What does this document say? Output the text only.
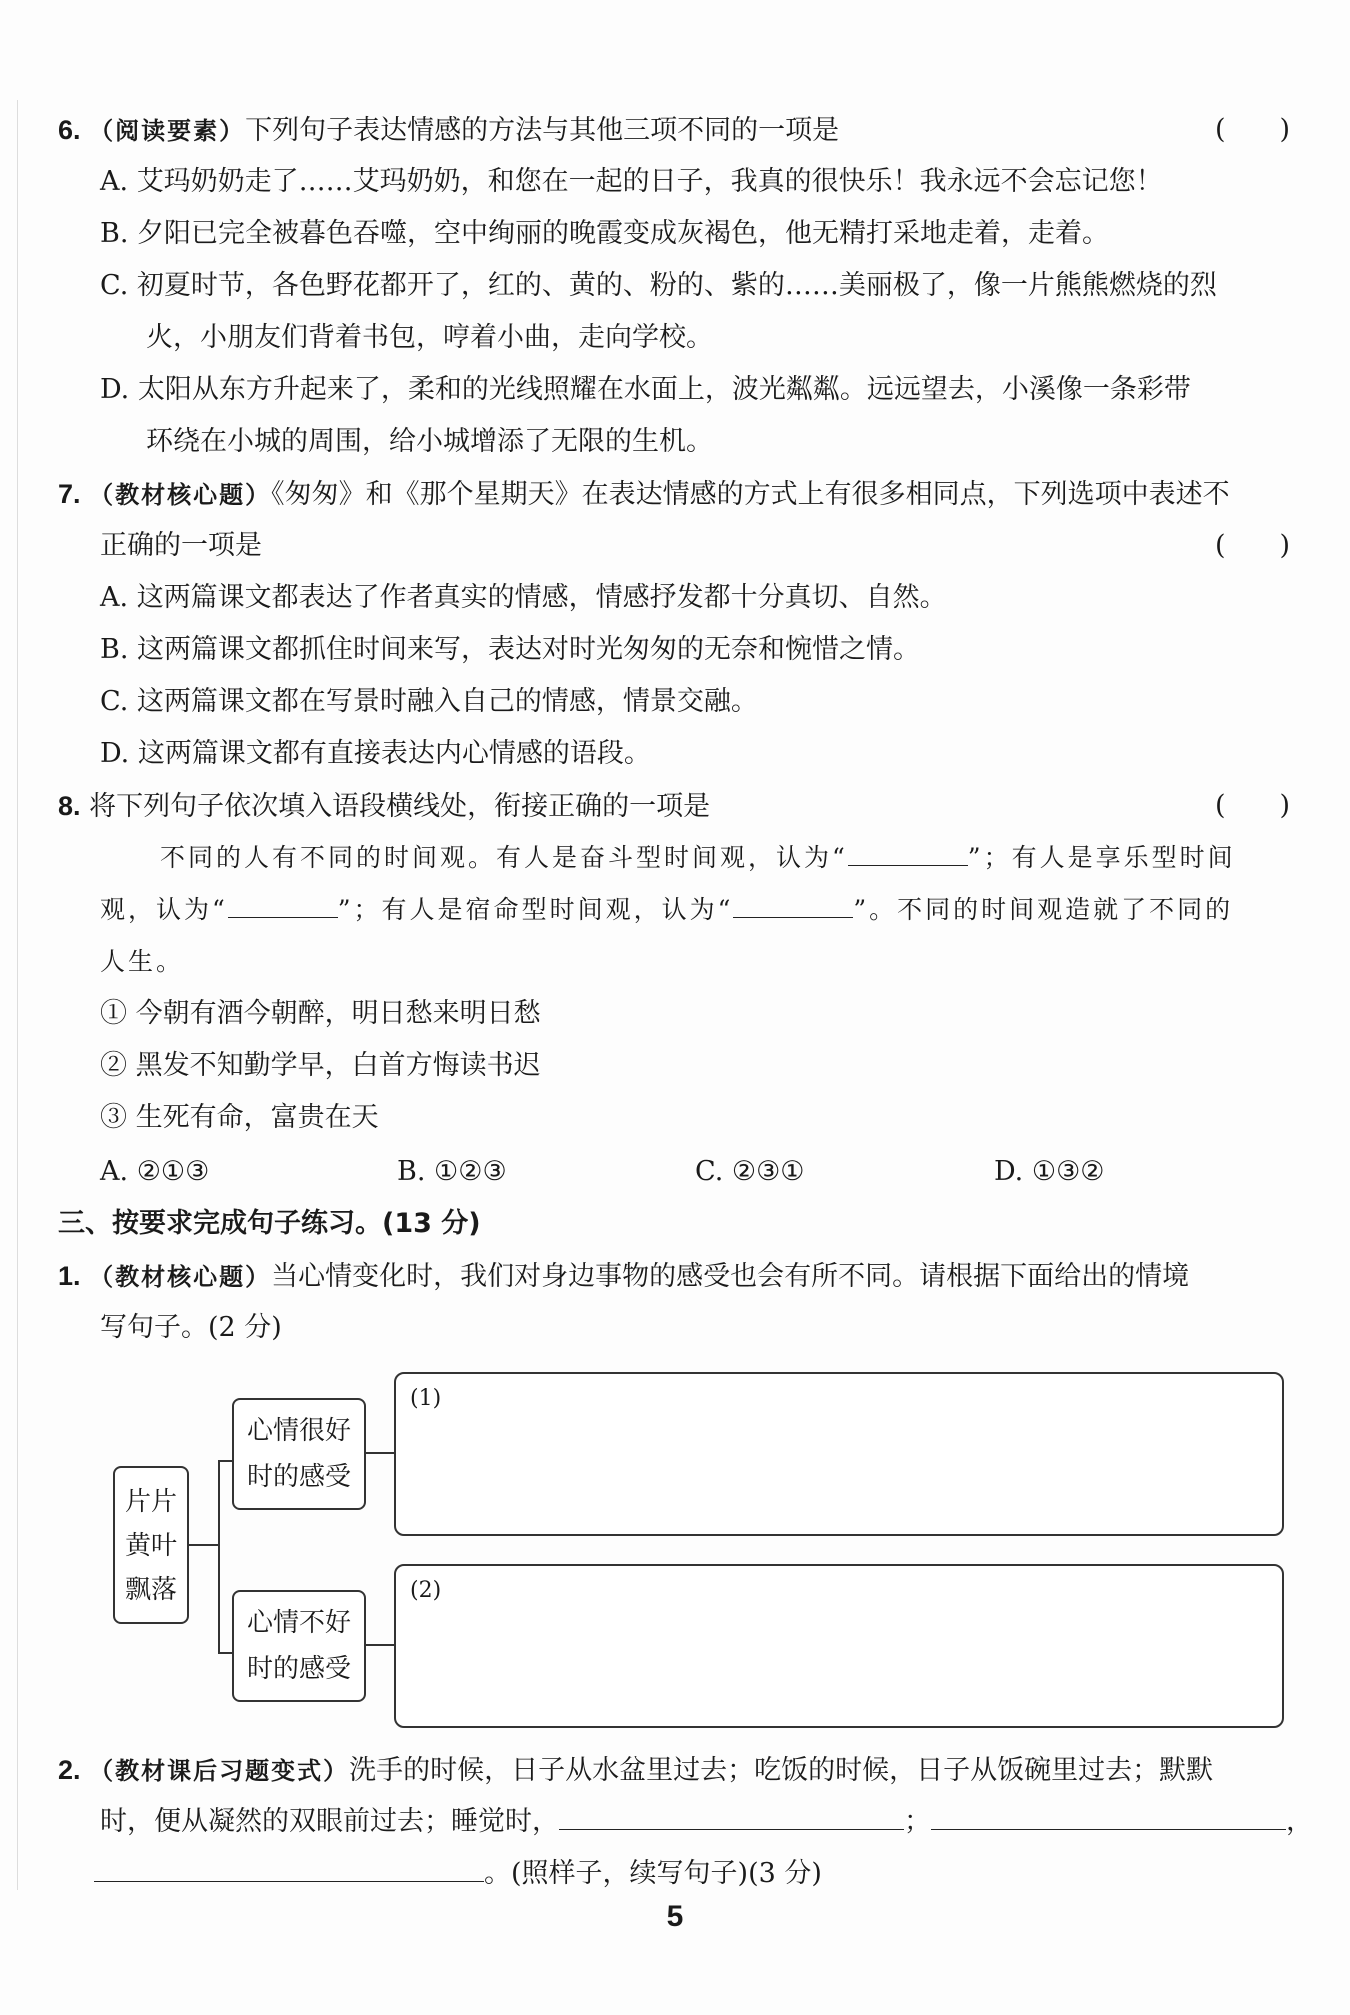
6. （阅读要素）下列句子表达情感的方法与其他三项不同的一项是	(　　)
A. 艾玛奶奶走了……艾玛奶奶，和您在一起的日子，我真的很快乐！我永远不会忘记您！
B. 夕阳已完全被暮色吞噬，空中绚丽的晚霞变成灰褐色，他无精打采地走着，走着。
C. 初夏时节，各色野花都开了，红的、黄的、粉的、紫的……美丽极了，像一片熊熊燃烧的烈
火，小朋友们背着书包，哼着小曲，走向学校。
D. 太阳从东方升起来了，柔和的光线照耀在水面上，波光粼粼。远远望去，小溪像一条彩带
环绕在小城的周围，给小城增添了无限的生机。
7. （教材核心题）《匆匆》和《那个星期天》在表达情感的方式上有很多相同点，下列选项中表述不
正确的一项是	(　　)
A. 这两篇课文都表达了作者真实的情感，情感抒发都十分真切、自然。
B. 这两篇课文都抓住时间来写，表达对时光匆匆的无奈和惋惜之情。
C. 这两篇课文都在写景时融入自己的情感，情景交融。
D. 这两篇课文都有直接表达内心情感的语段。
8. 将下列句子依次填入语段横线处，衔接正确的一项是	(　　)
不同的人有不同的时间观。有人是奋斗型时间观，认为“	”；有人是享乐型时间
观，认为“	”；有人是宿命型时间观，认为“	”。不同的时间观造就了不同的
人生。
① 今朝有酒今朝醉，明日愁来明日愁
② 黑发不知勤学早，白首方悔读书迟
③ 生死有命，富贵在天
A. ②①③	B. ①②③	C. ②③①	D. ①③②
三、按要求完成句子练习。(13 分)
1. （教材核心题）当心情变化时，我们对身边事物的感受也会有所不同。请根据下面给出的情境
写句子。(2 分)
片片
黄叶
飘落
心情很好
时的感受
心情不好
时的感受
(1)
(2)
2. （教材课后习题变式）洗手的时候，日子从水盆里过去；吃饭的时候，日子从饭碗里过去；默默
时，便从凝然的双眼前过去；睡觉时，	；	，
。(照样子，续写句子)(3 分)
5
